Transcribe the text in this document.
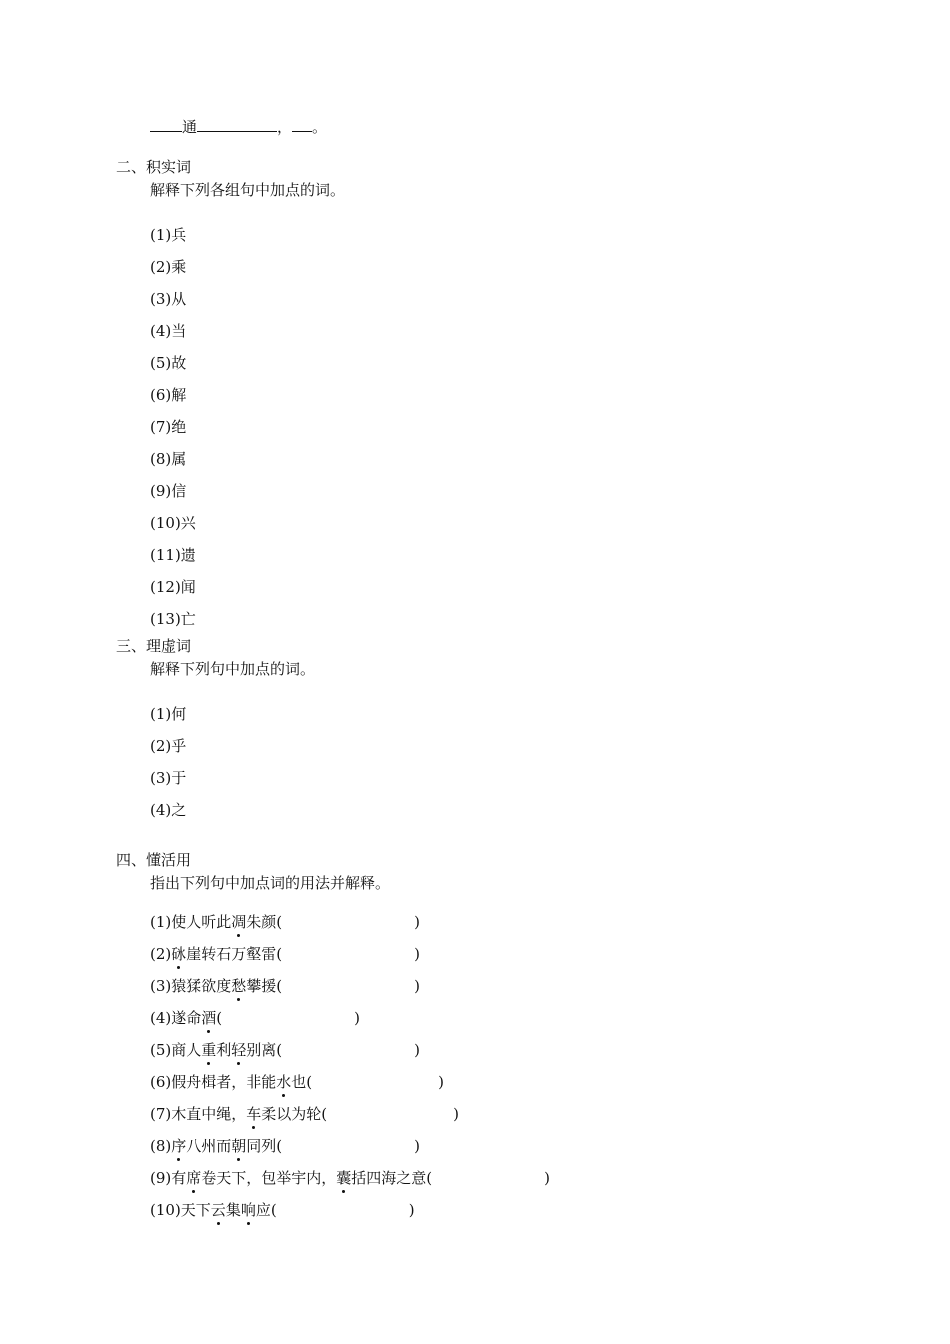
通	， 。
二、积实词
解释下列各组句中加点的词。
(1)兵
(2)乘
(3)从
(4)当
(5)故
(6)解
(7)绝
(8)属
(9)信
(10)兴
(11)遗
(12)闻
(13)亡
三、理虚词
解释下列句中加点的词。
(1)何
(2)乎
(3)于
(4)之
四、懂活用
指出下列句中加点词的用法并解释。
(1)使人听此凋朱颜(	)
(2)砯崖转石万壑雷(	)
(3)猿猱欲度愁攀援(	)
(4)遂命酒(	)
(5)商人重利轻别离(	)
(6)假舟楫者，非能水也(	)
(7)木直中绳，车柔以为轮(	)
(8)序八州而朝同列(	)
(9)有席卷天下，包举宇内，囊括四海之意(	)
(10)天下云集响应(	)
